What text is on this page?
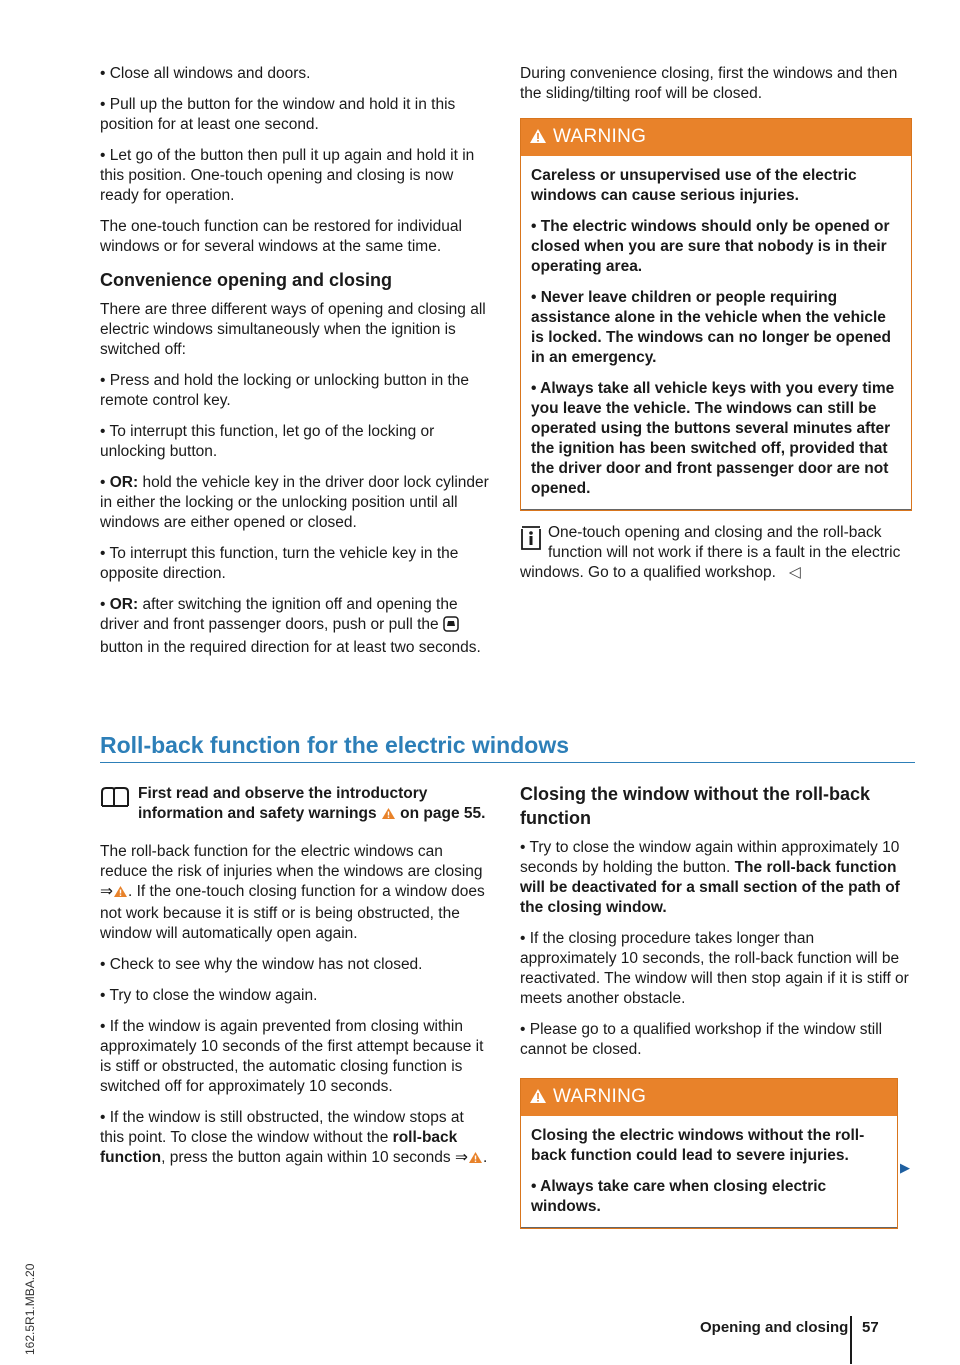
• Close all windows and doors.

• Pull up the button for the window and hold it in this position for at least one second.

• Let go of the button then pull it up again and hold it in this position. One-touch opening and closing is now ready for operation.

The one-touch function can be restored for individual windows or for several windows at the same time.

Convenience opening and closing

There are three different ways of opening and closing all electric windows simultaneously when the ignition is switched off:

• Press and hold the locking or unlocking button in the remote control key.

• To interrupt this function, let go of the locking or unlocking button.

• OR: hold the vehicle key in the driver door lock cylinder in either the locking or the unlocking position until all windows are either opened or closed.

• To interrupt this function, turn the vehicle key in the opposite direction.

• OR: after switching the ignition off and opening the driver and front passenger doors, push or pull the  button in the required direction for at least two seconds.

During convenience closing, first the windows and then the sliding/tilting roof will be closed.

WARNING

Careless or unsupervised use of the electric windows can cause serious injuries.

• The electric windows should only be opened or closed when you are sure that nobody is in their operating area.

• Never leave children or people requiring assistance alone in the vehicle when the vehicle is locked. The windows can no longer be opened in an emergency.

• Always take all vehicle keys with you every time you leave the vehicle. The windows can still be operated using the buttons several minutes after the ignition has been switched off, provided that the driver door and front passenger door are not opened.

One-touch opening and closing and the roll-back function will not work if there is a fault in the electric windows. Go to a qualified workshop.   ◁
Roll-back function for the electric windows
First read and observe the introductory information and safety warnings  on page 55.

The roll-back function for the electric windows can reduce the risk of injuries when the windows are closing ⇒ . If the one-touch closing function for a window does not work because it is stiff or is being obstructed, the window will automatically open again.

• Check to see why the window has not closed.

• Try to close the window again.

• If the window is again prevented from closing within approximately 10 seconds of the first attempt because it is stiff or obstructed, the automatic closing function is switched off for approximately 10 seconds.

• If the window is still obstructed, the window stops at this point. To close the window without the roll-back function, press the button again within 10 seconds ⇒ .

Closing the window without the roll-back function

• Try to close the window again within approximately 10 seconds by holding the button. The roll-back function will be deactivated for a small section of the path of the closing window.

• If the closing procedure takes longer than approximately 10 seconds, the roll-back function will be reactivated. The window will then stop again if it is stiff or meets another obstacle.

• Please go to a qualified workshop if the window still cannot be closed.

WARNING

Closing the electric windows without the roll-back function could lead to severe injuries.

• Always take care when closing electric windows.

▶
162.5R1.MBA.20	Opening and closing 57
